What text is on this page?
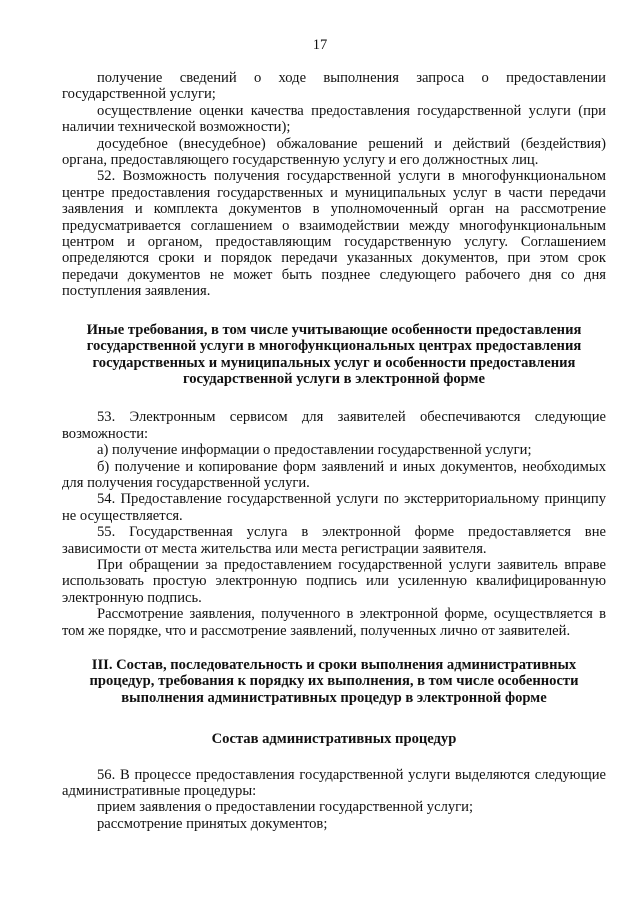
17

получение сведений о ходе выполнения запроса о предоставлении государственной услуги;

осуществление оценки качества предоставления государственной услуги (при наличии технической возможности);

досудебное (внесудебное) обжалование решений и действий (бездействия) органа, предоставляющего государственную услугу и его должностных лиц.

52. Возможность получения государственной услуги в многофункциональном центре предоставления государственных и муниципальных услуг в части передачи заявления и комплекта документов в уполномоченный орган на рассмотрение предусматривается соглашением о взаимодействии между многофункциональным центром и органом, предоставляющим государственную услугу. Соглашением определяются сроки и порядок передачи указанных документов, при этом срок передачи документов не может быть позднее следующего рабочего дня со дня поступления заявления.

Иные требования, в том числе учитывающие особенности предоставления государственной услуги в многофункциональных центрах предоставления государственных и муниципальных услуг и особенности предоставления государственной услуги в электронной форме

53. Электронным сервисом для заявителей обеспечиваются следующие возможности:

а) получение информации о предоставлении государственной услуги;

б) получение и копирование форм заявлений и иных документов, необходимых для получения государственной услуги.

54. Предоставление государственной услуги по экстерриториальному принципу не осуществляется.

55. Государственная услуга в электронной форме предоставляется вне зависимости от места жительства или места регистрации заявителя.

При обращении за предоставлением государственной услуги заявитель вправе использовать простую электронную подпись или усиленную квалифицированную электронную подпись.

Рассмотрение заявления, полученного в электронной форме, осуществляется в том же порядке, что и рассмотрение заявлений, полученных лично от заявителей.

III. Состав, последовательность и сроки выполнения административных процедур, требования к порядку их выполнения, в том числе особенности выполнения административных процедур в электронной форме

Состав административных процедур

56. В процессе предоставления государственной услуги выделяются следующие административные процедуры:

прием заявления о предоставлении государственной услуги;

рассмотрение принятых документов;
